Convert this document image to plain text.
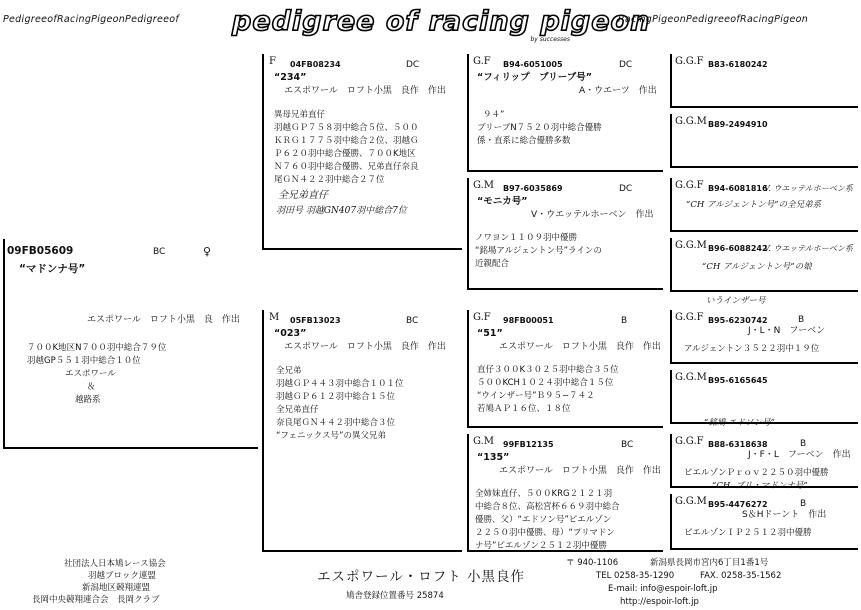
PedigreeofRacingPigeonPedigreeof pedigree of racing pigeon
by successes
RacingPigeonPedigreeofRacingPigeon
09FB05609	BC	♀
“マドンナ号”
エスポワール　ロフト小黒　良　作出
７００K地区N７００羽中総合７９位
羽越GP５５１羽中総合１０位
エスポワール
＆
越路系
F 04FB08234	DC
“234”
エスポワール　ロフト小黒　良作　作出
異母兄弟直仔
羽越ＧＰ７５８羽中総合５位、５００
ＫＲＧ１７７５羽中総合２位、羽越Ｇ
Ｐ６２０羽中総合優勝、７００K地区
Ｎ７６０羽中総合優勝、兄弟直仔奈良
尾ＧＮ４２２羽中総合２７位
全兄弟直仔
羽田号 羽越GN407羽中総合7位
M 05FB13023	BC
“023”
エスポワール　ロフト小黒　良作　作出
全兄弟
羽越ＧＰ４４３羽中総合１０１位
羽越ＧＰ６１２羽中総合１５位
全兄弟直仔
奈良尾ＧＮ４４２羽中総合３位
“フェニックス号”の異父兄弟
G.F B94-6051005	DC
“フィリップ　ブリーブ号”
A・ウエーツ　作出
９４”
ブリーブN７５２０羽中総合優勝
係・直系に総合優勝多数
G.M B97-6035869	DC
“モニカ号”
V・ウエッテルホーベン　作出
ノワヨン１１０９羽中優勝
“銘場アルジェントン号”ラインの
近親配合
G.F 98FB00051	B
“51”
エスポワール　ロフト小黒　良作　作出
直仔３００K３０２５羽中総合３５位
５００KCH１０２４羽中総合１５位
“ウインザー号”Ｂ９５−７４２
若鳩ＡＰ１６位、１８位
G.M 99FB12135	BC
“135”
エスポワール　ロフト小黒　良作　作出
全姉妹直仔、５００KRG２１２１羽
中総合８位、高松宮杯６６９羽中総合
優勝、父）“エドソン号”ピエルゾン
２２５０羽中優勝、母）“プリマドン
ナ号”ピエルゾン２５１２羽中優勝
G.G.F B83-6180242
G.G.M B89-2494910
G.G.F B94-6081816
V. ウエッテルホーベン系
“CH アルジェントン号”の全兄弟系
G.G.M B96-6088242
V. ウエッテルホーベン系
“CH アルジェントン号”の娘
いうインザー号
G.G.F B95-6230742	B
J・L・N　フーベン
アルジェントン３５２２羽中１９位
G.G.M B95-6165645
“銘鳩 エドソン号”
G.G.F B88-6318638	B
J・F・L　フーベン　作出
ピエルゾンＰｒｏｖ２２５０羽中優勝
“CH. プリ・マドンナ号”
G.G.M B95-4476272	B
S＆Hドーント　作出
ピエルゾンＩＰ２５１２羽中優勝
社団法人日本鳩レース協会
羽越ブロック連盟
新潟地区競翔連盟
長岡中央競翔連合会　長岡クラブ
エスポワール・ロフト 小黒良作
鳩舎登録位置番号 25874
〒 940-1106	新潟県長岡市宮内6丁目1番1号
TEL 0258-35-1290	FAX. 0258-35-1562
E-mail: info@espoir-loft.jp
http://espoir-loft.jp
